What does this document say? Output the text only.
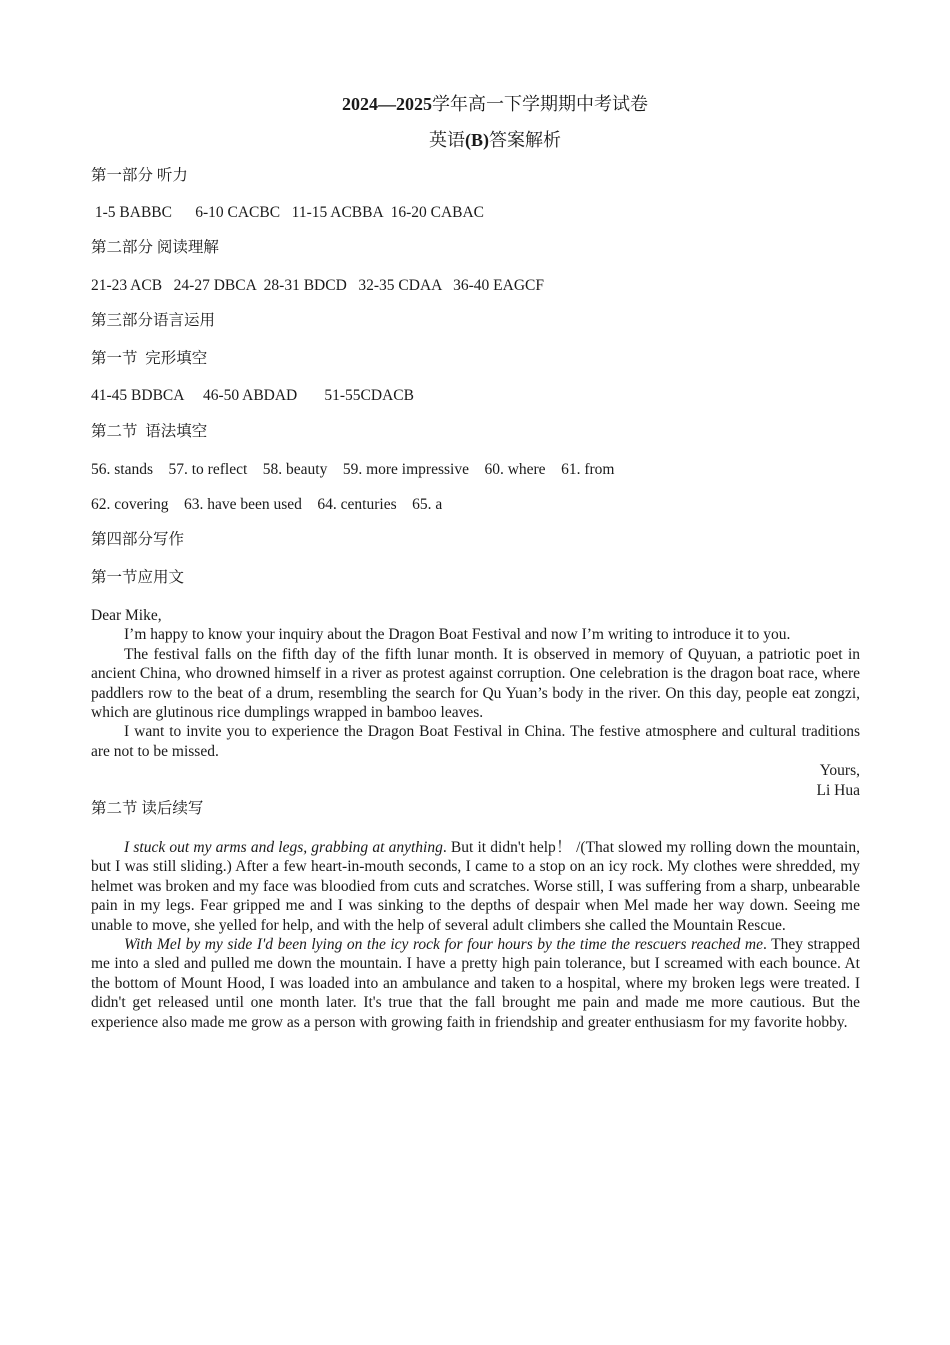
2024—2025学年高一下学期期中考试卷
英语(B)答案解析
第一部分 听力
1-5 BABBC      6-10 CACBC   11-15 ACBBA  16-20 CABAC
第二部分 阅读理解
21-23 ACB   24-27 DBCA  28-31 BDCD   32-35 CDAA   36-40 EAGCF
第三部分语言运用
第一节  完形填空
41-45 BDBCA     46-50 ABDAD       51-55CDACB
第二节  语法填空
56. stands    57. to reflect    58. beauty    59. more impressive    60. where    61. from
62. covering    63. have been used    64. centuries    65. a
第四部分写作
第一节应用文

Dear Mike,

I’m happy to know your inquiry about the Dragon Boat Festival and now I’m writing to introduce it to you.

The festival falls on the fifth day of the fifth lunar month. It is observed in memory of Quyuan, a patriotic poet in ancient China, who drowned himself in a river as protest against corruption. One celebration is the dragon boat race, where paddlers row to the beat of a drum, resembling the search for Qu Yuan’s body in the river. On this day, people eat zongzi, which are glutinous rice dumplings wrapped in bamboo leaves.

I want to invite you to experience the Dragon Boat Festival in China. The festive atmosphere and cultural traditions are not to be missed.

Yours,

Li Hua

第二节 读后续写

I stuck out my arms and legs, grabbing at anything. But it didn't help！ /(That slowed my rolling down the mountain, but I was still sliding.) After a few heart-in-mouth seconds, I came to a stop on an icy rock. My clothes were shredded, my helmet was broken and my face was bloodied from cuts and scratches. Worse still, I was suffering from a sharp, unbearable pain in my legs. Fear gripped me and I was sinking to the depths of despair when Mel made her way down. Seeing me unable to move, she yelled for help, and with the help of several adult climbers she called the Mountain Rescue.

With Mel by my side I'd been lying on the icy rock for four hours by the time the rescuers reached me. They strapped me into a sled and pulled me down the mountain. I have a pretty high pain tolerance, but I screamed with each bounce. At the bottom of Mount Hood, I was loaded into an ambulance and taken to a hospital, where my broken legs were treated. I didn't get released until one month later. It's true that the fall brought me pain and made me more cautious. But the experience also made me grow as a person with growing faith in friendship and greater enthusiasm for my favorite hobby.
